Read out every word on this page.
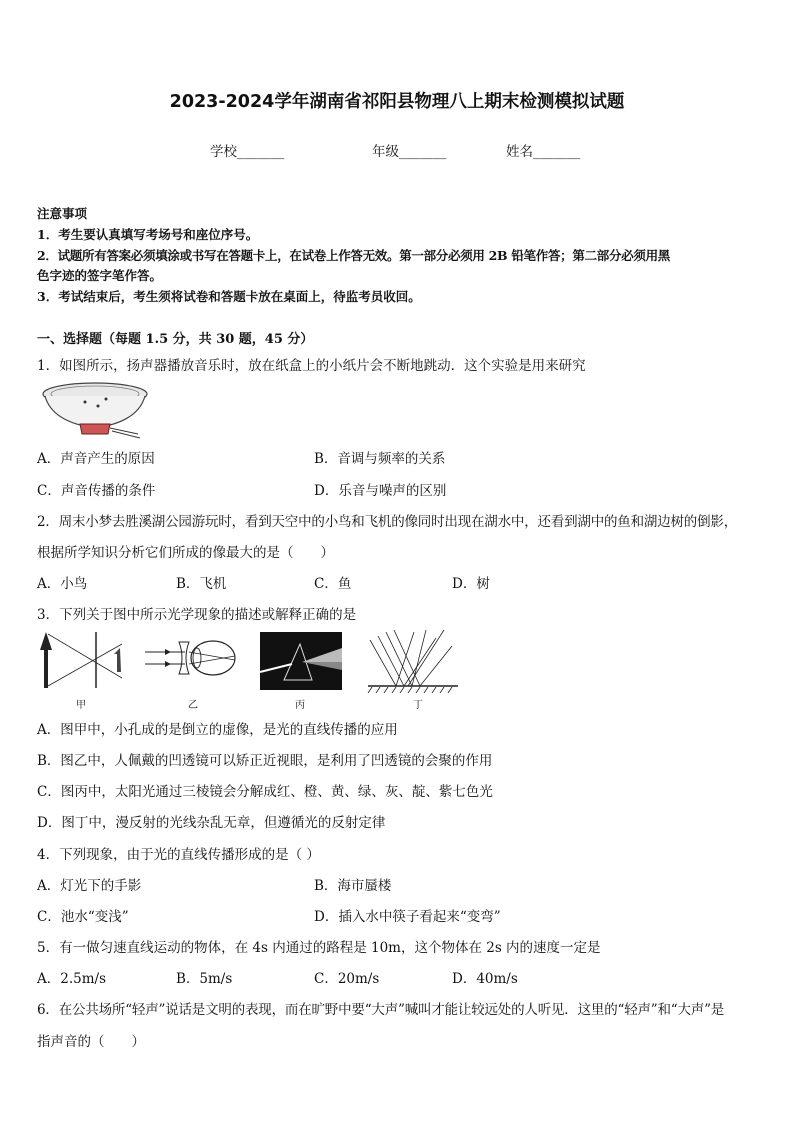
2023-2024学年湖南省祁阳县物理八上期末检测模拟试题
学校_______	年级_______	姓名_______
注意事项
1．考生要认真填写考场号和座位序号。
2．试题所有答案必须填涂或书写在答题卡上，在试卷上作答无效。第一部分必须用 2B 铅笔作答；第二部分必须用黑
色字迹的签字笔作答。
3．考试结束后，考生须将试卷和答题卡放在桌面上，待监考员收回。
一、选择题（每题 1.5 分，共 30 题，45 分）
1．如图所示，扬声器播放音乐时，放在纸盒上的小纸片会不断地跳动．这个实验是用来研究
A．声音产生的原因	B．音调与频率的关系
C．声音传播的条件	D．乐音与噪声的区别
2．周末小梦去胜溪湖公园游玩时，看到天空中的小鸟和飞机的像同时出现在湖水中，还看到湖中的鱼和湖边树的倒影，
根据所学知识分析它们所成的像最大的是（　　）
A．小鸟	B．飞机	C．鱼	D．树
3．下列关于图中所示光学现象的描述或解释正确的是
甲	乙	丙	丁
A．图甲中，小孔成的是倒立的虚像，是光的直线传播的应用
B．图乙中，人佩戴的凹透镜可以矫正近视眼，是利用了凹透镜的会聚的作用
C．图丙中，太阳光通过三棱镜会分解成红、橙、黄、绿、灰、靛、紫七色光
D．图丁中，漫反射的光线杂乱无章，但遵循光的反射定律
4．下列现象，由于光的直线传播形成的是（ ）
A．灯光下的手影	B．海市蜃楼
C．池水“变浅”	D．插入水中筷子看起来“变弯”
5．有一做匀速直线运动的物体，在 4s 内通过的路程是 10m，这个物体在 2s 内的速度一定是
A．2.5m/s	B．5m/s	C．20m/s	D．40m/s
6．在公共场所“轻声”说话是文明的表现，而在旷野中要“大声”喊叫才能让较远处的人听见．这里的“轻声”和“大声”是
指声音的（　　）
